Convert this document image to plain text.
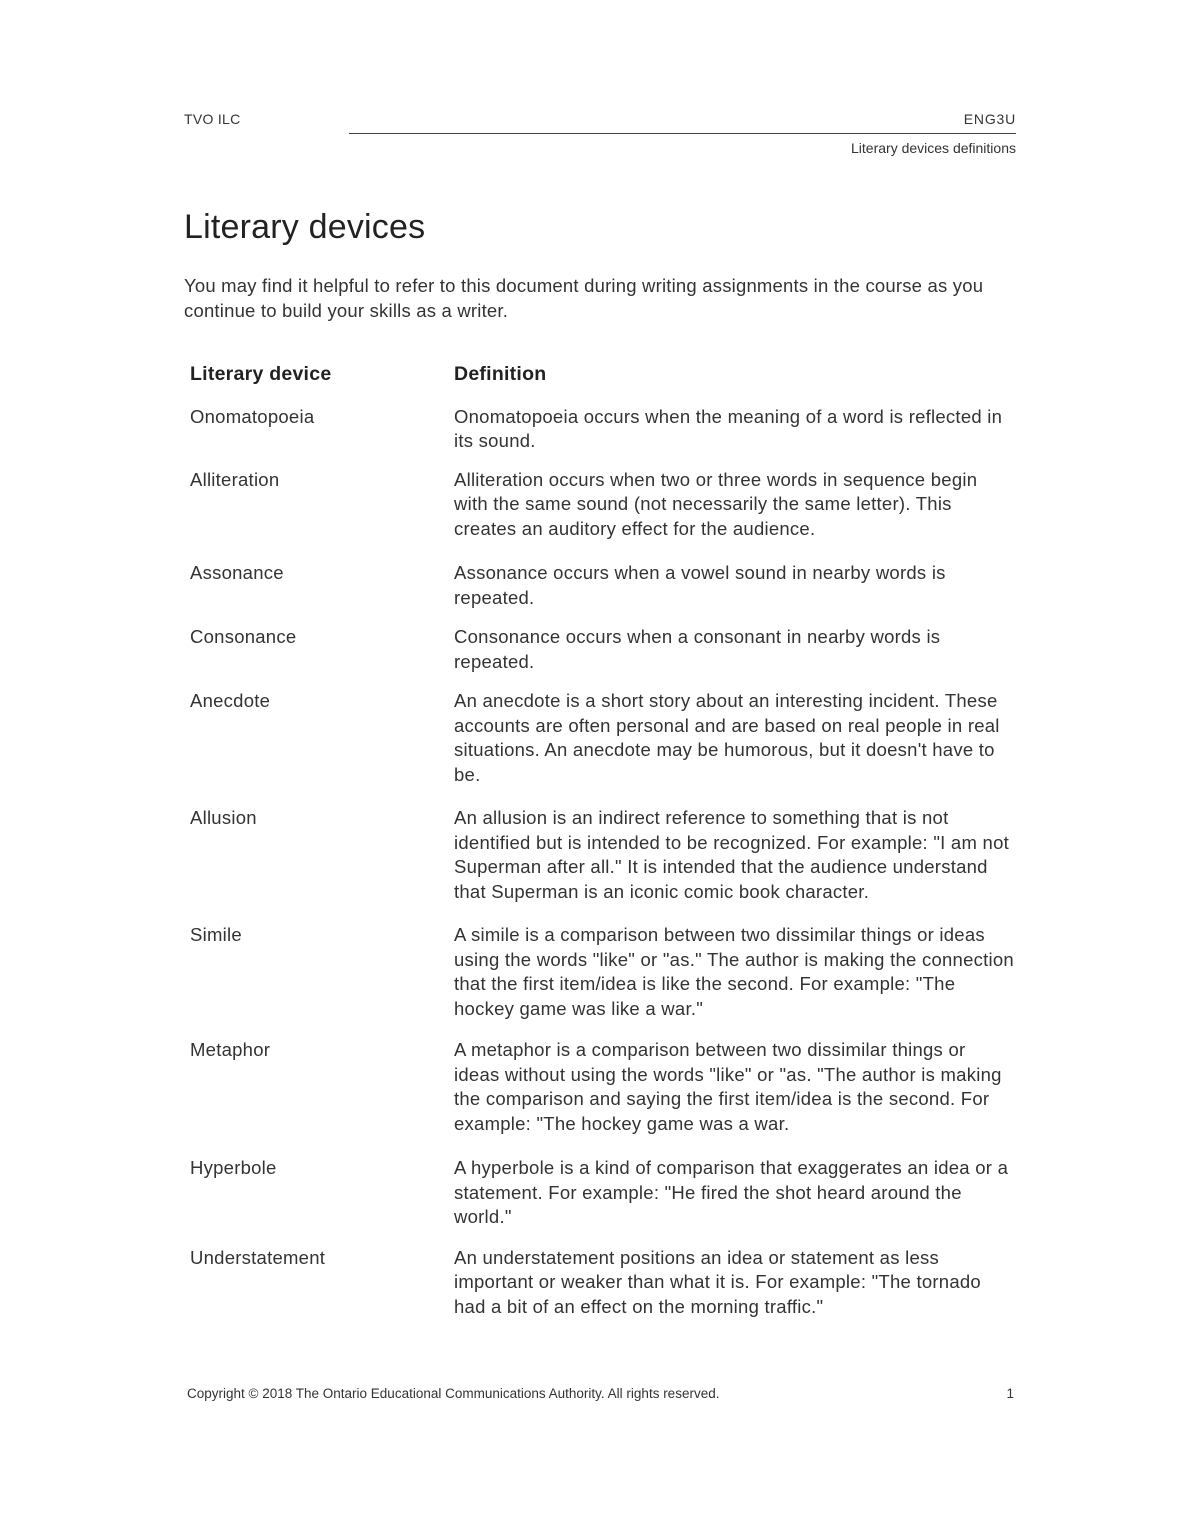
TVO ILC	ENG3U
Literary devices definitions
Literary devices

You may find it helpful to refer to this document during writing assignments in the course as you continue to build your skills as a writer.

Literary device	Definition
Onomatopoeia	Onomatopoeia occurs when the meaning of a word is reflected in its sound.
Alliteration	Alliteration occurs when two or three words in sequence begin with the same sound (not necessarily the same letter). This creates an auditory effect for the audience.
Assonance	Assonance occurs when a vowel sound in nearby words is repeated.
Consonance	Consonance occurs when a consonant in nearby words is repeated.
Anecdote	An anecdote is a short story about an interesting incident. These accounts are often personal and are based on real people in real situations. An anecdote may be humorous, but it doesn't have to be.
Allusion	An allusion is an indirect reference to something that is not identified but is intended to be recognized. For example: "I am not Superman after all." It is intended that the audience understand that Superman is an iconic comic book character.
Simile	A simile is a comparison between two dissimilar things or ideas using the words "like" or "as." The author is making the connection that the first item/idea is like the second. For example: "The hockey game was like a war."
Metaphor	A metaphor is a comparison between two dissimilar things or ideas without using the words "like" or "as. "The author is making the comparison and saying the first item/idea is the second. For example: "The hockey game was a war.
Hyperbole	A hyperbole is a kind of comparison that exaggerates an idea or a statement. For example: "He fired the shot heard around the world."
Understatement	An understatement positions an idea or statement as less important or weaker than what it is. For example: "The tornado had a bit of an effect on the morning traffic."
Copyright © 2018 The Ontario Educational Communications Authority. All rights reserved.	1
